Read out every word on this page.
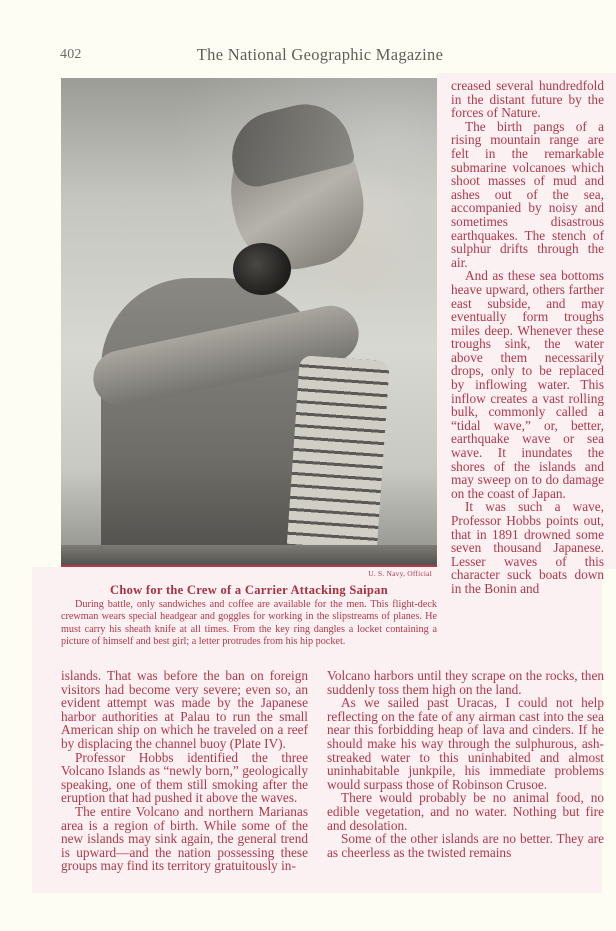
402	The National Geographic Magazine
U. S. Navy, Official
Chow for the Crew of a Carrier Attacking Saipan
During battle, only sandwiches and coffee are available for the men. This flight-deck crewman wears special headgear and goggles for working in the slipstreams of planes. He must carry his sheath knife at all times. From the key ring dangles a locket containing a picture of himself and best girl; a letter protrudes from his hip pocket.

creased several hundredfold in the distant future by the forces of Nature.

The birth pangs of a rising mountain range are felt in the remarkable submarine volcanoes which shoot masses of mud and ashes out of the sea, accompanied by noisy and sometimes disastrous earthquakes. The stench of sulphur drifts through the air.

And as these sea bottoms heave upward, others farther east subside, and may eventually form troughs miles deep. Whenever these troughs sink, the water above them necessarily drops, only to be replaced by inflowing water. This inflow creates a vast rolling bulk, commonly called a “tidal wave,” or, better, earthquake wave or sea wave. It inundates the shores of the islands and may sweep on to do damage on the coast of Japan.

It was such a wave, Professor Hobbs points out, that in 1891 drowned some seven thousand Japanese. Lesser waves of this character suck boats down in the Bonin and

islands. That was before the ban on foreign visitors had become very severe; even so, an evident attempt was made by the Japanese harbor authorities at Palau to run the small American ship on which he traveled on a reef by displacing the channel buoy (Plate IV).

Professor Hobbs identified the three Volcano Islands as “newly born,” geologically speaking, one of them still smoking after the eruption that had pushed it above the waves.

The entire Volcano and northern Marianas area is a region of birth. While some of the new islands may sink again, the general trend is upward—and the nation possessing these groups may find its territory gratuitously in-

Volcano harbors until they scrape on the rocks, then suddenly toss them high on the land.

As we sailed past Uracas, I could not help reflecting on the fate of any airman cast into the sea near this forbidding heap of lava and cinders. If he should make his way through the sulphurous, ash-streaked water to this uninhabited and almost uninhabitable junkpile, his immediate problems would surpass those of Robinson Crusoe.

There would probably be no animal food, no edible vegetation, and no water. Nothing but fire and desolation.

Some of the other islands are no better. They are as cheerless as the twisted remains
